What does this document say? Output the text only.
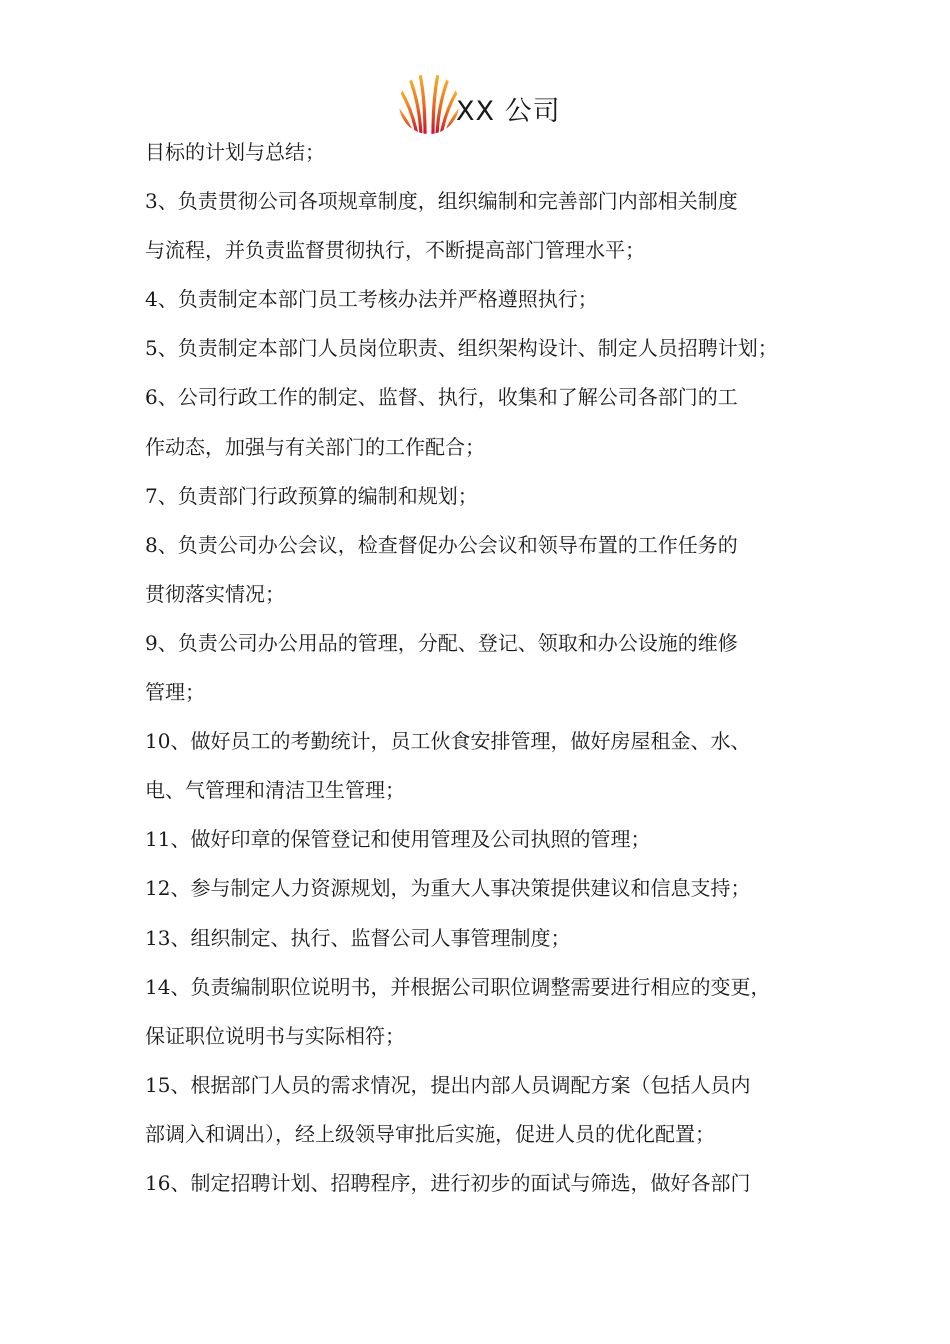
XX 公司

目标的计划与总结；

3、负责贯彻公司各项规章制度，组织编制和完善部门内部相关制度

与流程，并负责监督贯彻执行，不断提高部门管理水平；

4、负责制定本部门员工考核办法并严格遵照执行；

5、负责制定本部门人员岗位职责、组织架构设计、制定人员招聘计划；

6、公司行政工作的制定、监督、执行，收集和了解公司各部门的工

作动态，加强与有关部门的工作配合；

7、负责部门行政预算的编制和规划；

8、负责公司办公会议，检查督促办公会议和领导布置的工作任务的

贯彻落实情况；

9、负责公司办公用品的管理，分配、登记、领取和办公设施的维修

管理；

10、做好员工的考勤统计，员工伙食安排管理，做好房屋租金、水、

电、气管理和清洁卫生管理；

11、做好印章的保管登记和使用管理及公司执照的管理；

12、参与制定人力资源规划，为重大人事决策提供建议和信息支持；

13、组织制定、执行、监督公司人事管理制度；

14、负责编制职位说明书，并根据公司职位调整需要进行相应的变更，

保证职位说明书与实际相符；

15、根据部门人员的需求情况，提出内部人员调配方案（包括人员内

部调入和调出），经上级领导审批后实施，促进人员的优化配置；

16、制定招聘计划、招聘程序，进行初步的面试与筛选，做好各部门
